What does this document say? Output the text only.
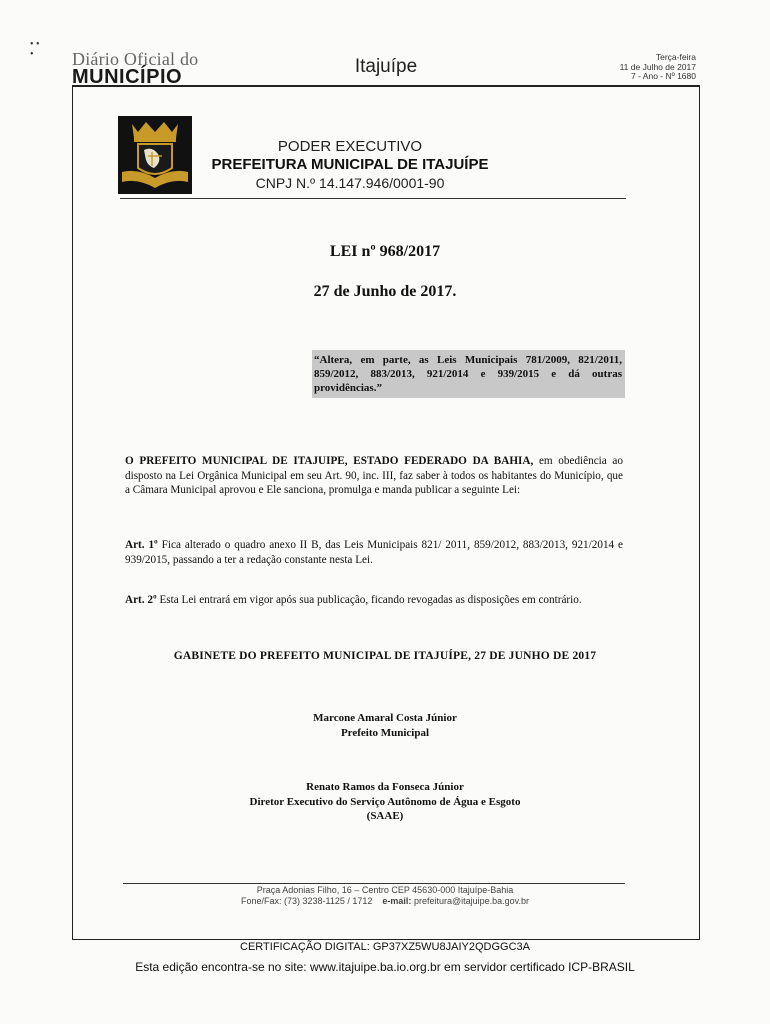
• •
•	Diário Oficial do
MUNICÍPIO	Itajuípe	Terça-feira
11 de Julho de 2017
7 - Ano - Nº 1680
PODER EXECUTIVO
PREFEITURA MUNICIPAL DE ITAJUÍPE
CNPJ N.º 14.147.946/0001-90
LEI nº 968/2017
27 de Junho de 2017.
“Altera, em parte, as Leis Municipais 781/2009, 821/2011, 859/2012, 883/2013, 921/2014 e 939/2015 e dá outras providências.”
O PREFEITO MUNICIPAL DE ITAJUIPE, ESTADO FEDERADO DA BAHIA, em obediência ao disposto na Lei Orgânica Municipal em seu Art. 90, inc. III, faz saber à todos os habitantes do Município, que a Câmara Municipal aprovou e Ele sanciona, promulga e manda publicar a seguinte Lei:
Art. 1º Fica alterado o quadro anexo II B, das Leis Municipais 821/ 2011, 859/2012, 883/2013, 921/2014 e 939/2015, passando a ter a redação constante nesta Lei.
Art. 2º Esta Lei entrará em vigor após sua publicação, ficando revogadas as disposições em contrário.
GABINETE DO PREFEITO MUNICIPAL DE ITAJUÍPE, 27 DE JUNHO DE 2017
Marcone Amaral Costa Júnior
Prefeito Municipal
Renato Ramos da Fonseca Júnior
Diretor Executivo do Serviço Autônomo de Água e Esgoto
(SAAE)
Praça Adonias Filho, 16 – Centro CEP 45630-000 Itajuípe-Bahia
Fone/Fax: (73) 3238-1125 / 1712 e-mail: prefeitura@itajuipe.ba.gov.br
CERTIFICAÇÃO DIGITAL: GP37XZ5WU8JAIY2QDGGC3A
Esta edição encontra-se no site: www.itajuipe.ba.io.org.br em servidor certificado ICP-BRASIL
